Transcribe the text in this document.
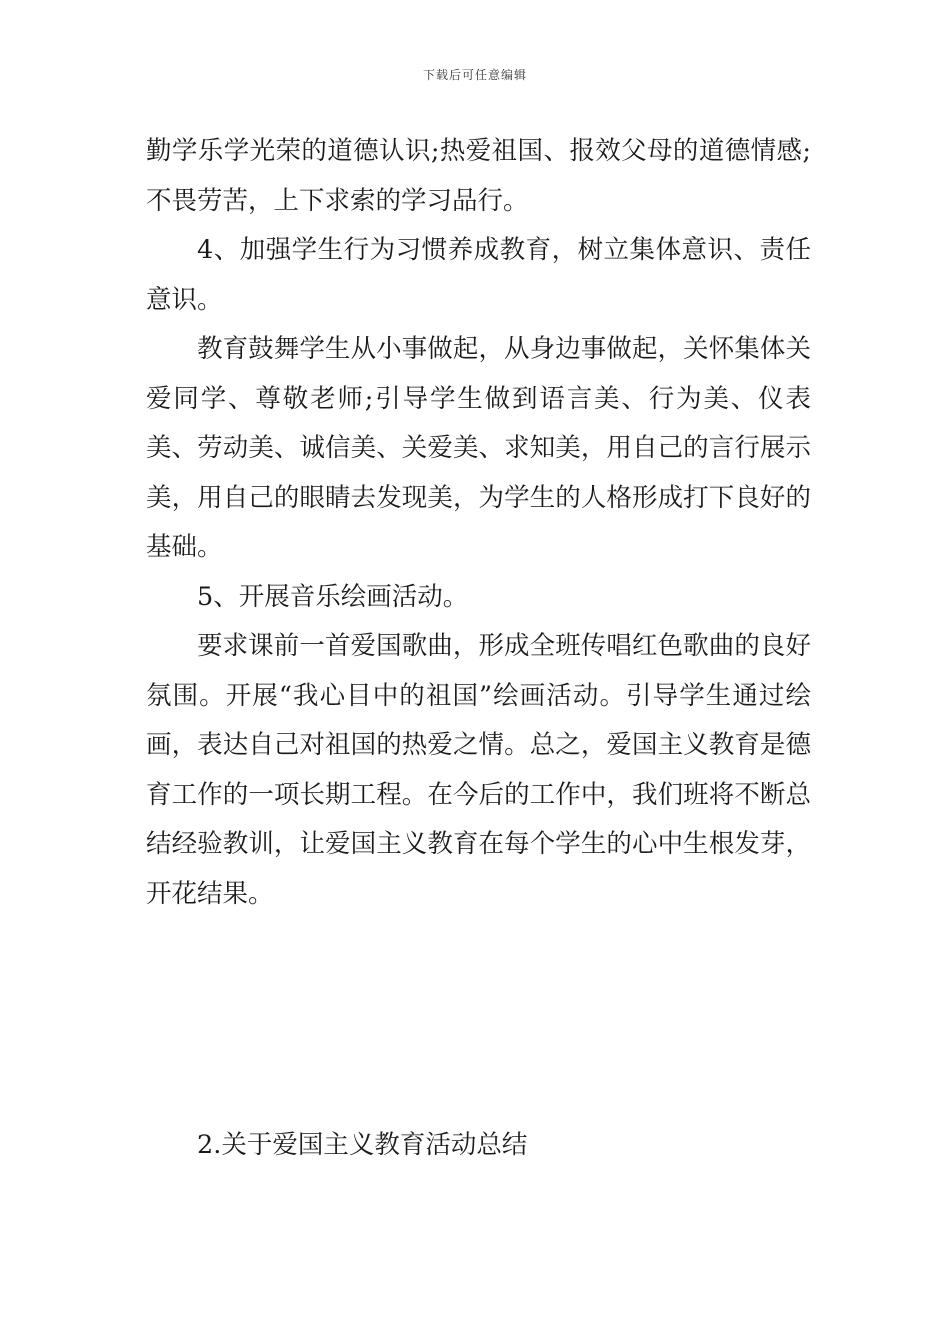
下载后可任意编辑

勤学乐学光荣的道德认识;热爱祖国、报效父母的道德情感;不畏劳苦，上下求索的学习品行。

4、加强学生行为习惯养成教育，树立集体意识、责任意识。

教育鼓舞学生从小事做起，从身边事做起，关怀集体关爱同学、尊敬老师;引导学生做到语言美、行为美、仪表美、劳动美、诚信美、关爱美、求知美，用自己的言行展示美，用自己的眼睛去发现美，为学生的人格形成打下良好的基础。

5、开展音乐绘画活动。

要求课前一首爱国歌曲，形成全班传唱红色歌曲的良好氛围。开展“我心目中的祖国”绘画活动。引导学生通过绘画，表达自己对祖国的热爱之情。总之，爱国主义教育是德育工作的一项长期工程。在今后的工作中，我们班将不断总结经验教训，让爱国主义教育在每个学生的心中生根发芽，开花结果。

2.关于爱国主义教育活动总结
